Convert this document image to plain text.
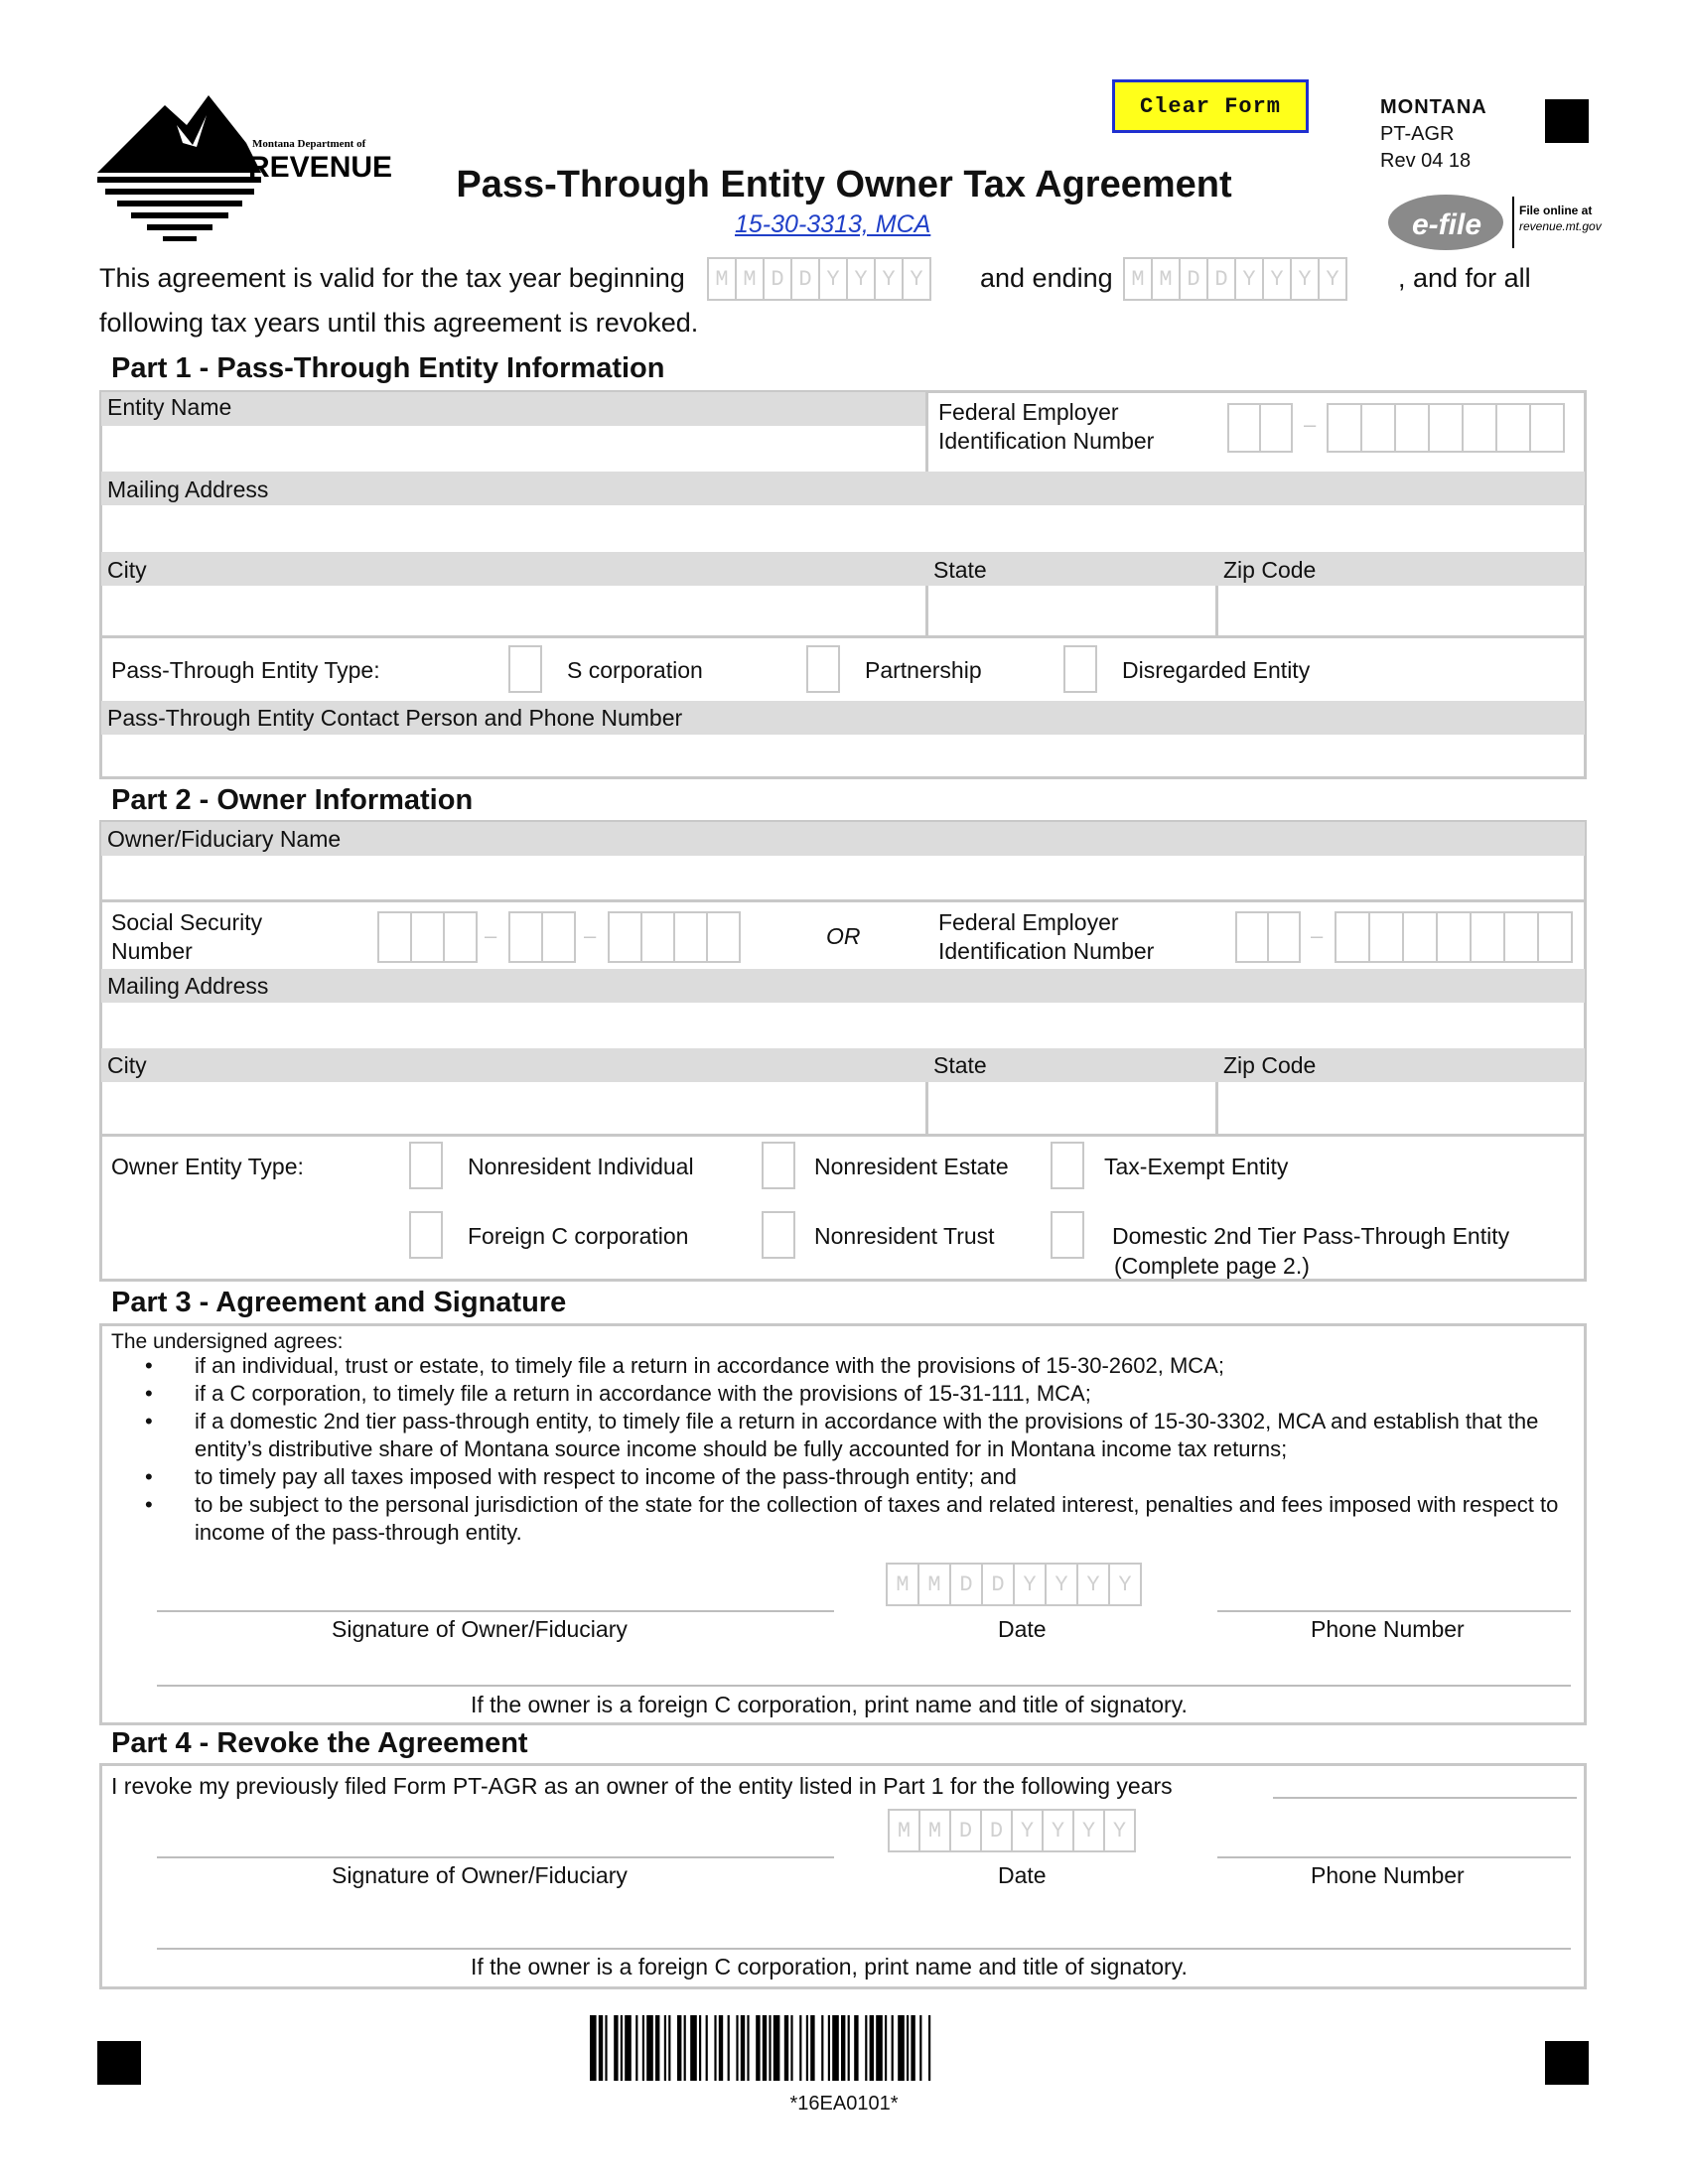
Montana Department of
REVENUE
Clear Form	MONTANA
PT-AGR
Rev 04 18
e-file	File online at
revenue.mt.gov
Pass-Through Entity Owner Tax Agreement
15-30-3313, MCA
This agreement is valid for the tax year beginning	M M D D Y Y Y Y	and ending M M D D Y Y Y Y	, and for all
following tax years until this agreement is revoked.
Part 1 - Pass-Through Entity Information
Entity Name	Federal Employer
Identification Number
–
Mailing Address
City	State	Zip Code
Pass-Through Entity Type:	S corporation	Partnership	Disregarded Entity
Pass-Through Entity Contact Person and Phone Number
Part 2 - Owner Information
Owner/Fiduciary Name
Social Security
Number
–	–	OR
Federal Employer
Identification Number
–
Mailing Address
City	State	Zip Code
Owner Entity Type:	Nonresident Individual	Nonresident Estate	Tax-Exempt Entity
Foreign C corporation	Nonresident Trust	Domestic 2nd Tier Pass-Through Entity
(Complete page 2.)
Part 3 - Agreement and Signature
The undersigned agrees:
• if an individual, trust or estate, to timely file a return in accordance with the provisions of 15-30-2602, MCA;
• if a C corporation, to timely file a return in accordance with the provisions of 15-31-111, MCA;
• if a domestic 2nd tier pass-through entity, to timely file a return in accordance with the provisions of 15-30-3302, MCA and establish that the entity’s distributive share of Montana source income should be fully accounted for in Montana income tax returns;
• to timely pay all taxes imposed with respect to income of the pass-through entity; and
• to be subject to the personal jurisdiction of the state for the collection of taxes and related interest, penalties and fees imposed with respect to income of the pass-through entity.
M M D D Y Y Y Y
Signature of Owner/Fiduciary	Date	Phone Number
If the owner is a foreign C corporation, print name and title of signatory.
Part 4 - Revoke the Agreement
I revoke my previously filed Form PT-AGR as an owner of the entity listed in Part 1 for the following years
M M D D Y Y Y Y
Signature of Owner/Fiduciary	Date	Phone Number
If the owner is a foreign C corporation, print name and title of signatory.
*16EA0101*
